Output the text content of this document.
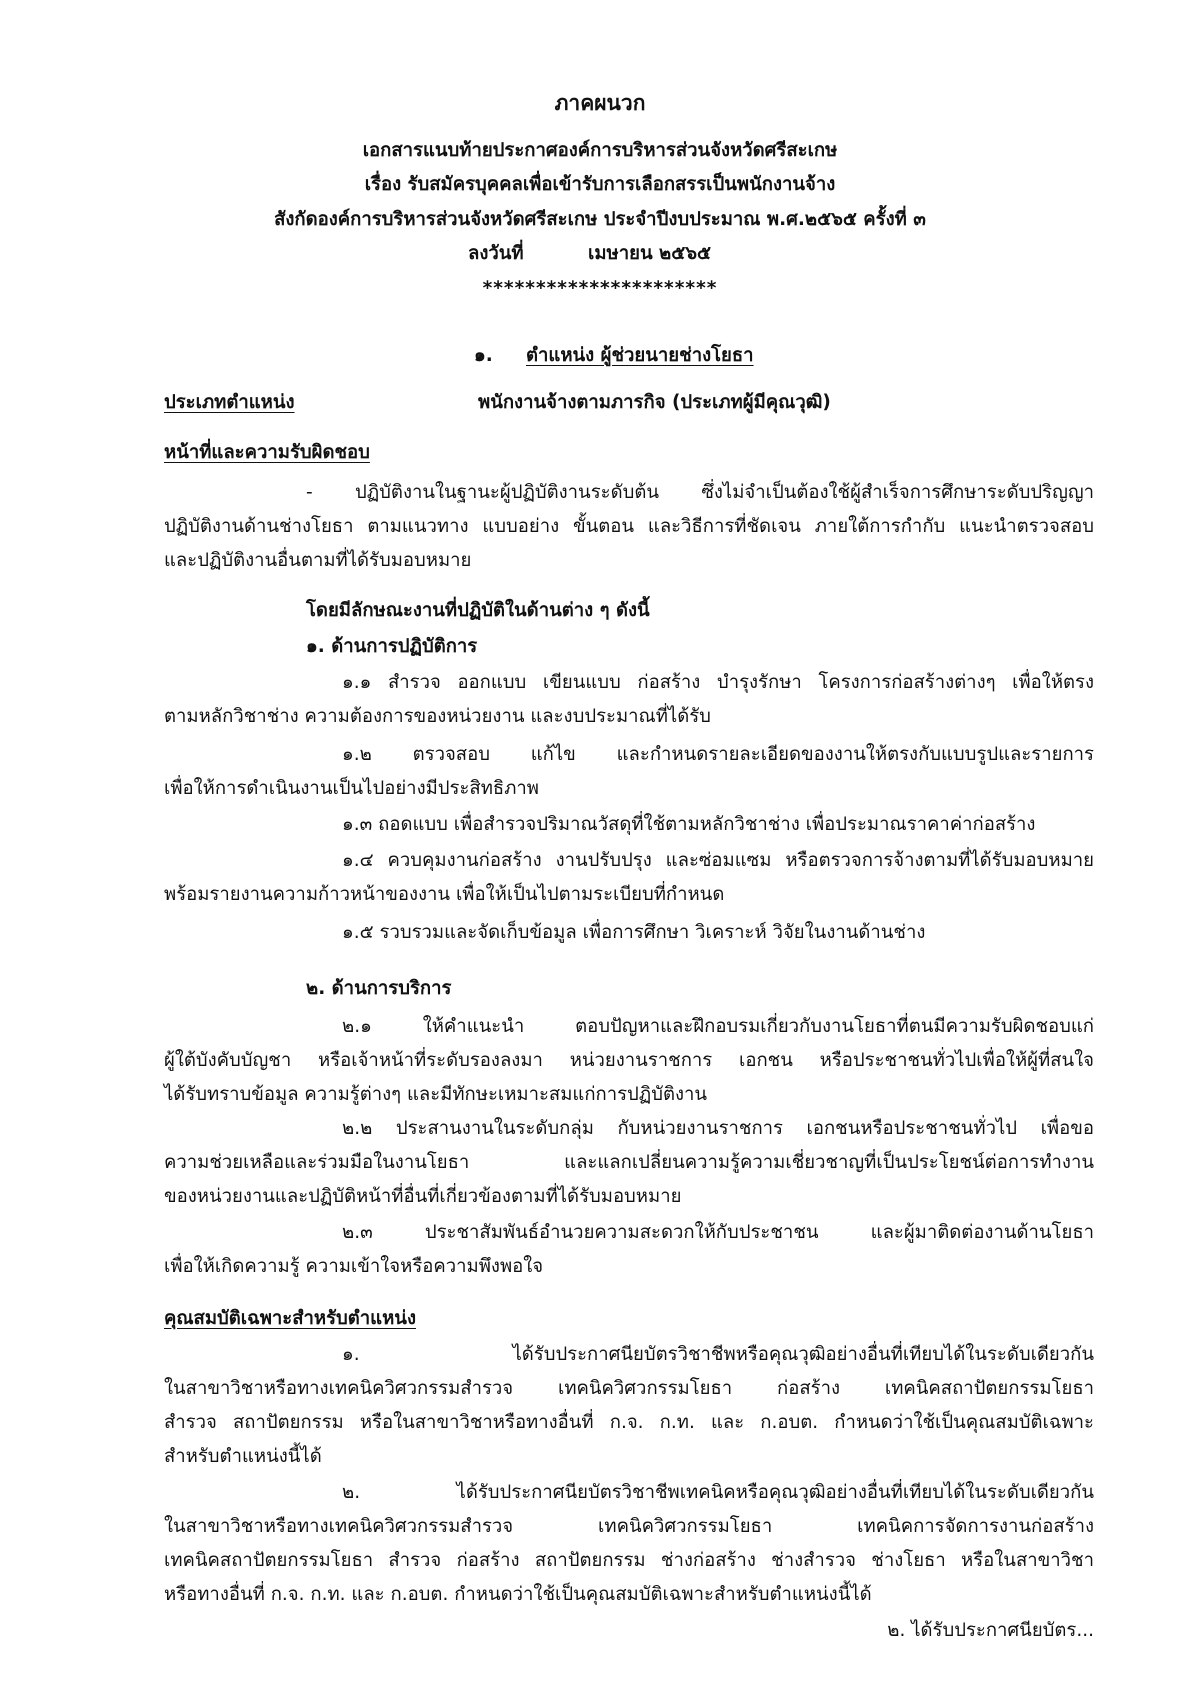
ภาคผนวก
เอกสารแนบท้ายประกาศองค์การบริหารส่วนจังหวัดศรีสะเกษ
เรื่อง รับสมัครบุคคลเพื่อเข้ารับการเลือกสรรเป็นพนักงานจ้าง
สังกัดองค์การบริหารส่วนจังหวัดศรีสะเกษ ประจำปีงบประมาณ พ.ศ.๒๕๖๕ ครั้งที่ ๓
ลงวันที่	เมษายน ๒๕๖๕
**********************
๑. ตำแหน่ง ผู้ช่วยนายช่างโยธา
ประเภทตำแหน่ง	พนักงานจ้างตามภารกิจ (ประเภทผู้มีคุณวุฒิ)
หน้าที่และความรับผิดชอบ
- ปฏิบัติงานในฐานะผู้ปฏิบัติงานระดับต้น ซึ่งไม่จำเป็นต้องใช้ผู้สำเร็จการศึกษาระดับปริญญา
ปฏิบัติงานด้านช่างโยธา ตามแนวทาง แบบอย่าง ขั้นตอน และวิธีการที่ชัดเจน ภายใต้การกำกับ แนะนำตรวจสอบ
และปฏิบัติงานอื่นตามที่ได้รับมอบหมาย
โดยมีลักษณะงานที่ปฏิบัติในด้านต่าง ๆ ดังนี้
๑. ด้านการปฏิบัติการ
๑.๑ สำรวจ ออกแบบ เขียนแบบ ก่อสร้าง บำรุงรักษา โครงการก่อสร้างต่างๆ เพื่อให้ตรง
ตามหลักวิชาช่าง ความต้องการของหน่วยงาน และงบประมาณที่ได้รับ
๑.๒ ตรวจสอบ แก้ไข และกำหนดรายละเอียดของงานให้ตรงกับแบบรูปและรายการ
เพื่อให้การดำเนินงานเป็นไปอย่างมีประสิทธิภาพ
๑.๓ ถอดแบบ เพื่อสำรวจปริมาณวัสดุที่ใช้ตามหลักวิชาช่าง เพื่อประมาณราคาค่าก่อสร้าง
๑.๔ ควบคุมงานก่อสร้าง งานปรับปรุง และซ่อมแซม หรือตรวจการจ้างตามที่ได้รับมอบหมาย
พร้อมรายงานความก้าวหน้าของงาน เพื่อให้เป็นไปตามระเบียบที่กำหนด
๑.๕ รวบรวมและจัดเก็บข้อมูล เพื่อการศึกษา วิเคราะห์ วิจัยในงานด้านช่าง
๒. ด้านการบริการ
๒.๑ ให้คำแนะนำ ตอบปัญหาและฝึกอบรมเกี่ยวกับงานโยธาที่ตนมีความรับผิดชอบแก่
ผู้ใต้บังคับบัญชา หรือเจ้าหน้าที่ระดับรองลงมา หน่วยงานราชการ เอกชน หรือประชาชนทั่วไปเพื่อให้ผู้ที่สนใจ
ได้รับทราบข้อมูล ความรู้ต่างๆ และมีทักษะเหมาะสมแก่การปฏิบัติงาน
๒.๒ ประสานงานในระดับกลุ่ม กับหน่วยงานราชการ เอกชนหรือประชาชนทั่วไป เพื่อขอ
ความช่วยเหลือและร่วมมือในงานโยธา และแลกเปลี่ยนความรู้ความเชี่ยวชาญที่เป็นประโยชน์ต่อการทำงาน
ของหน่วยงานและปฏิบัติหน้าที่อื่นที่เกี่ยวข้องตามที่ได้รับมอบหมาย
๒.๓ ประชาสัมพันธ์อำนวยความสะดวกให้กับประชาชน และผู้มาติดต่องานด้านโยธา
เพื่อให้เกิดความรู้ ความเข้าใจหรือความพึงพอใจ
คุณสมบัติเฉพาะสำหรับตำแหน่ง
๑. ได้รับประกาศนียบัตรวิชาชีพหรือคุณวุฒิอย่างอื่นที่เทียบได้ในระดับเดียวกัน
ในสาขาวิชาหรือทางเทคนิควิศวกรรมสำรวจ เทคนิควิศวกรรมโยธา ก่อสร้าง เทคนิคสถาปัตยกรรมโยธา
สำรวจ สถาปัตยกรรม หรือในสาขาวิชาหรือทางอื่นที่ ก.จ. ก.ท. และ ก.อบต. กำหนดว่าใช้เป็นคุณสมบัติเฉพาะ
สำหรับตำแหน่งนี้ได้
๒. ได้รับประกาศนียบัตรวิชาชีพเทคนิคหรือคุณวุฒิอย่างอื่นที่เทียบได้ในระดับเดียวกัน
ในสาขาวิชาหรือทางเทคนิควิศวกรรมสำรวจ เทคนิควิศวกรรมโยธา เทคนิคการจัดการงานก่อสร้าง
เทคนิคสถาปัตยกรรมโยธา สำรวจ ก่อสร้าง สถาปัตยกรรม ช่างก่อสร้าง ช่างสำรวจ ช่างโยธา หรือในสาขาวิชา
หรือทางอื่นที่ ก.จ. ก.ท. และ ก.อบต. กำหนดว่าใช้เป็นคุณสมบัติเฉพาะสำหรับตำแหน่งนี้ได้
๒. ได้รับประกาศนียบัตร...
